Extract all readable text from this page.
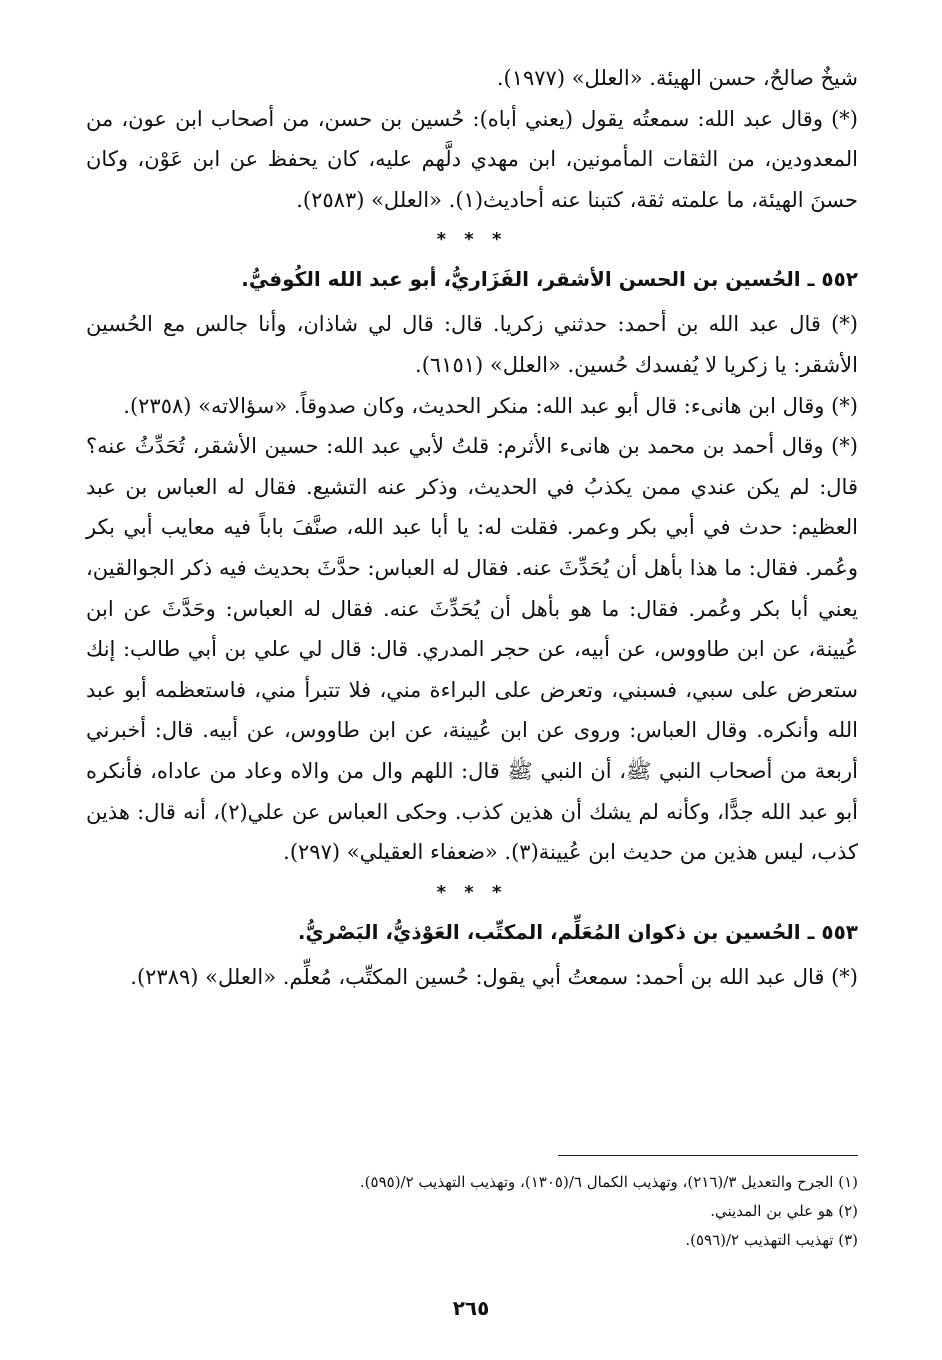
شيخٌ صالحٌ، حسن الهيئة. «العلل» (١٩٧٧).

(*) وقال عبد الله: سمعتُه يقول (يعني أباه): حُسين بن حسن، من أصحاب ابن عون، من المعدودين، من الثقات المأمونين، ابن مهدي دلَّهم عليه، كان يحفظ عن ابن عَوْن، وكان حسنَ الهيئة، ما علمته ثقة، كتبنا عنه أحاديث(١). «العلل» (٢٥٨٣).

* * *

٥٥٢ ـ الحُسين بن الحسن الأشقر، الفَزَاريُّ، أبو عبد الله الكُوفيُّ.

(*) قال عبد الله بن أحمد: حدثني زكريا. قال: قال لي شاذان، وأنا جالس مع الحُسين الأشقر: يا زكريا لا يُفسدك حُسين. «العلل» (٦١٥١).

(*) وقال ابن هانىء: قال أبو عبد الله: منكر الحديث، وكان صدوقاً. «سؤالاته» (٢٣٥٨).

(*) وقال أحمد بن محمد بن هانىء الأثرم: قلتُ لأبي عبد الله: حسين الأشقر، تُحَدِّثُ عنه؟ قال: لم يكن عندي ممن يكذبُ في الحديث، وذكر عنه التشيع. فقال له العباس بن عبد العظيم: حدث في أبي بكر وعمر. فقلت له: يا أبا عبد الله، صنَّفَ باباً فيه معايب أبي بكر وعُمر. فقال: ما هذا بأهل أن يُحَدِّثَ عنه. فقال له العباس: حدَّثَ بحديث فيه ذكر الجوالقين، يعني أبا بكر وعُمر. فقال: ما هو بأهل أن يُحَدِّثَ عنه. فقال له العباس: وحَدَّثَ عن ابن عُيينة، عن ابن طاووس، عن أبيه، عن حجر المدري. قال: قال لي علي بن أبي طالب: إنك ستعرض على سبي، فسبني، وتعرض على البراءة مني، فلا تتبرأ مني، فاستعظمه أبو عبد الله وأنكره. وقال العباس: وروى عن ابن عُيينة، عن ابن طاووس، عن أبيه. قال: أخبرني أربعة من أصحاب النبي ﷺ، أن النبي ﷺ قال: اللهم وال من والاه وعاد من عاداه، فأنكره أبو عبد الله جدًّا، وكأنه لم يشك أن هذين كذب. وحكى العباس عن علي(٢)، أنه قال: هذين كذب، ليس هذين من حديث ابن عُيينة(٣). «ضعفاء العقيلي» (٢٩٧).

* * *

٥٥٣ ـ الحُسين بن ذكوان المُعَلِّم، المكتِّب، العَوْذيُّ، البَصْريُّ.

(*) قال عبد الله بن أحمد: سمعتُ أبي يقول: حُسين المكتِّب، مُعلِّم. «العلل» (٢٣٨٩).

(١) الجرح والتعديل ٣/(٢١٦)، وتهذيب الكمال ٦/(١٣٠٥)، وتهذيب التهذيب ٢/(٥٩٥).

(٢) هو علي بن المديني.

(٣) تهذيب التهذيب ٢/(٥٩٦).

٢٦٥
